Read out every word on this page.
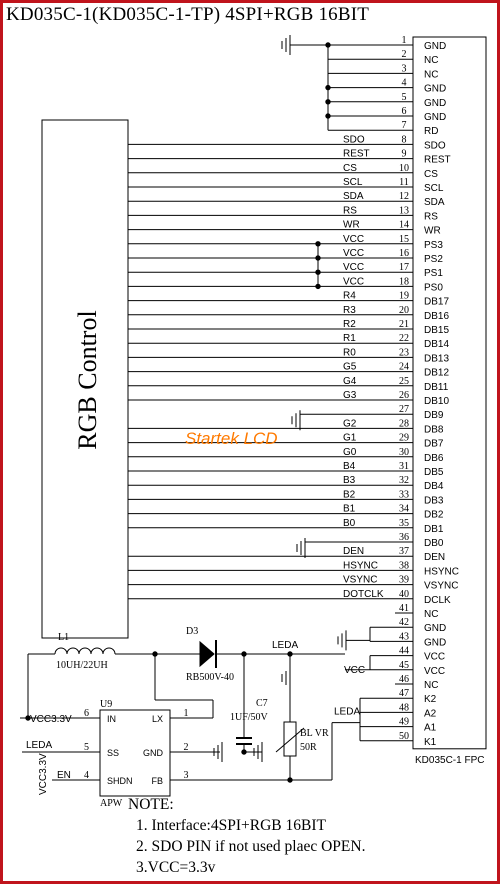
KD035C-1(KD035C-1-TP) 4SPI+RGB 16BIT
KD035C-1 FPC
1
GND
2
NC
3
NC
4
GND
5
GND
6
GND
7
RD
8
SDO
SDO
9
REST
REST
10
CS
CS
11
SCL
SCL
12
SDA
SDA
13
RS
RS
14
WR
WR
15
PS3
VCC
16
PS2
VCC
17
PS1
VCC
18
PS0
VCC
19
DB17
R4
20
DB16
R3
21
DB15
R2
22
DB14
R1
23
DB13
R0
24
DB12
G5
25
DB11
G4
26
DB10
G3
27
DB9
28
DB8
G2
29
DB7
G1
30
DB6
G0
31
DB5
B4
32
DB4
B3
33
DB3
B2
34
DB2
B1
35
DB1
B0
36
DB0
37
DEN
DEN
38
HSYNC
HSYNC
39
VSYNC
VSYNC
40
DCLK
DOTCLK
41
NC
42
GND
43
GND
44
VCC
45
VCC
46
NC
47
K2
48
A2
49
A1
50
K1
RGB Control
VCC
LEDA
L1
10UH/22UH
D3
RB500V-40
LEDA
C7
1UF/50V
BL VR
50R
U9
IN
6
SS
5
SHDN
4
LX 1
GND 2
FB 3
VCC3.3V
LEDA
EN
VCC3.3V
APW
Startek LCD
NOTE:
1. Interface:4SPI+RGB 16BIT
2. SDO PIN if not used plaec OPEN.
3.VCC=3.3v
